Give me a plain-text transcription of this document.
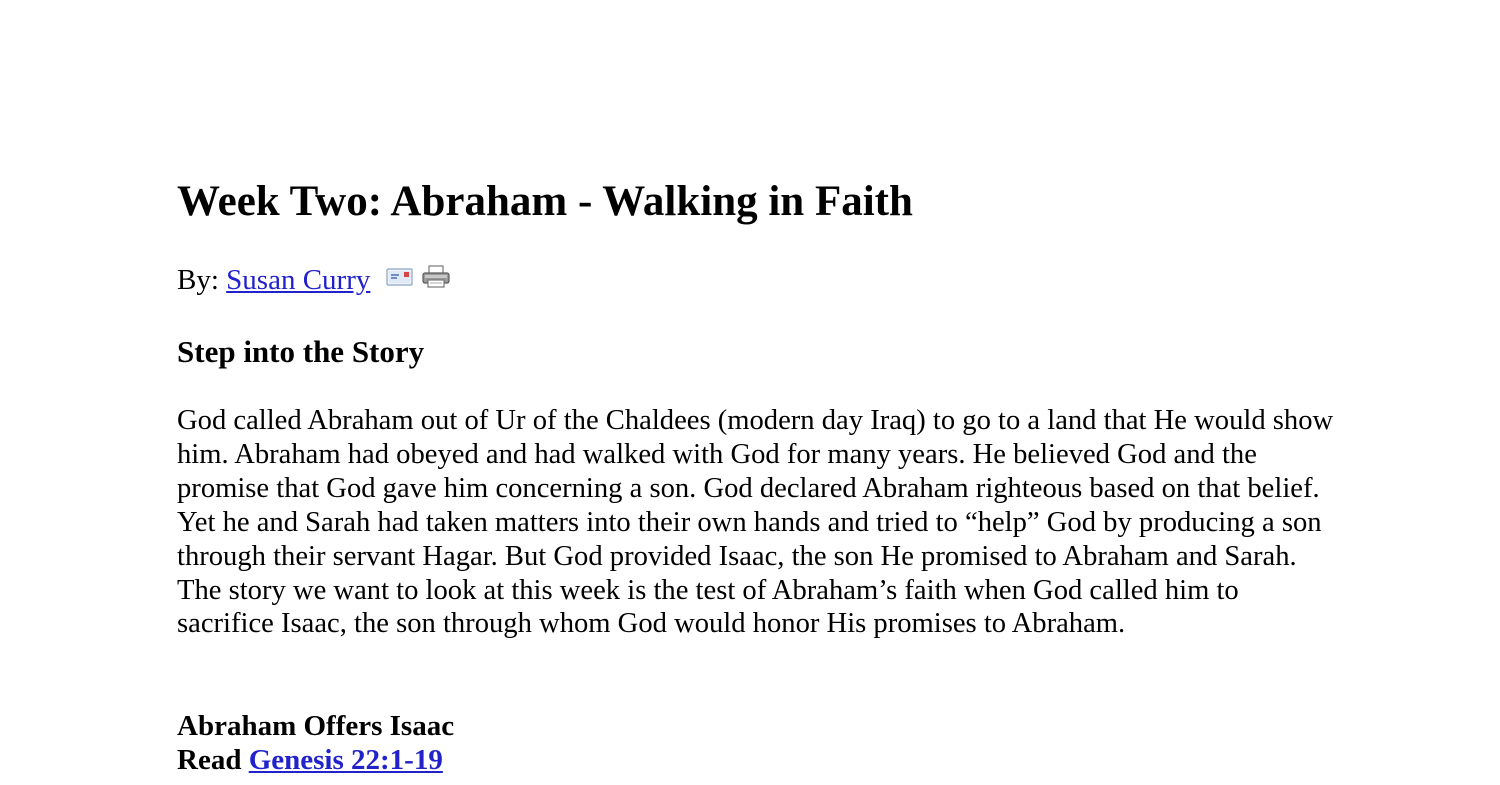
Week Two: Abraham - Walking in Faith
By: Susan Curry
Step into the Story

God called Abraham out of Ur of the Chaldees (modern day Iraq) to go to a land that He would show him. Abraham had obeyed and had walked with God for many years. He believed God and the promise that God gave him concerning a son. God declared Abraham righteous based on that belief. Yet he and Sarah had taken matters into their own hands and tried to “help” God by producing a son through their servant Hagar. But God provided Isaac, the son He promised to Abraham and Sarah. The story we want to look at this week is the test of Abraham’s faith when God called him to sacrifice Isaac, the son through whom God would honor His promises to Abraham.

Abraham Offers Isaac
Read Genesis 22:1-19
